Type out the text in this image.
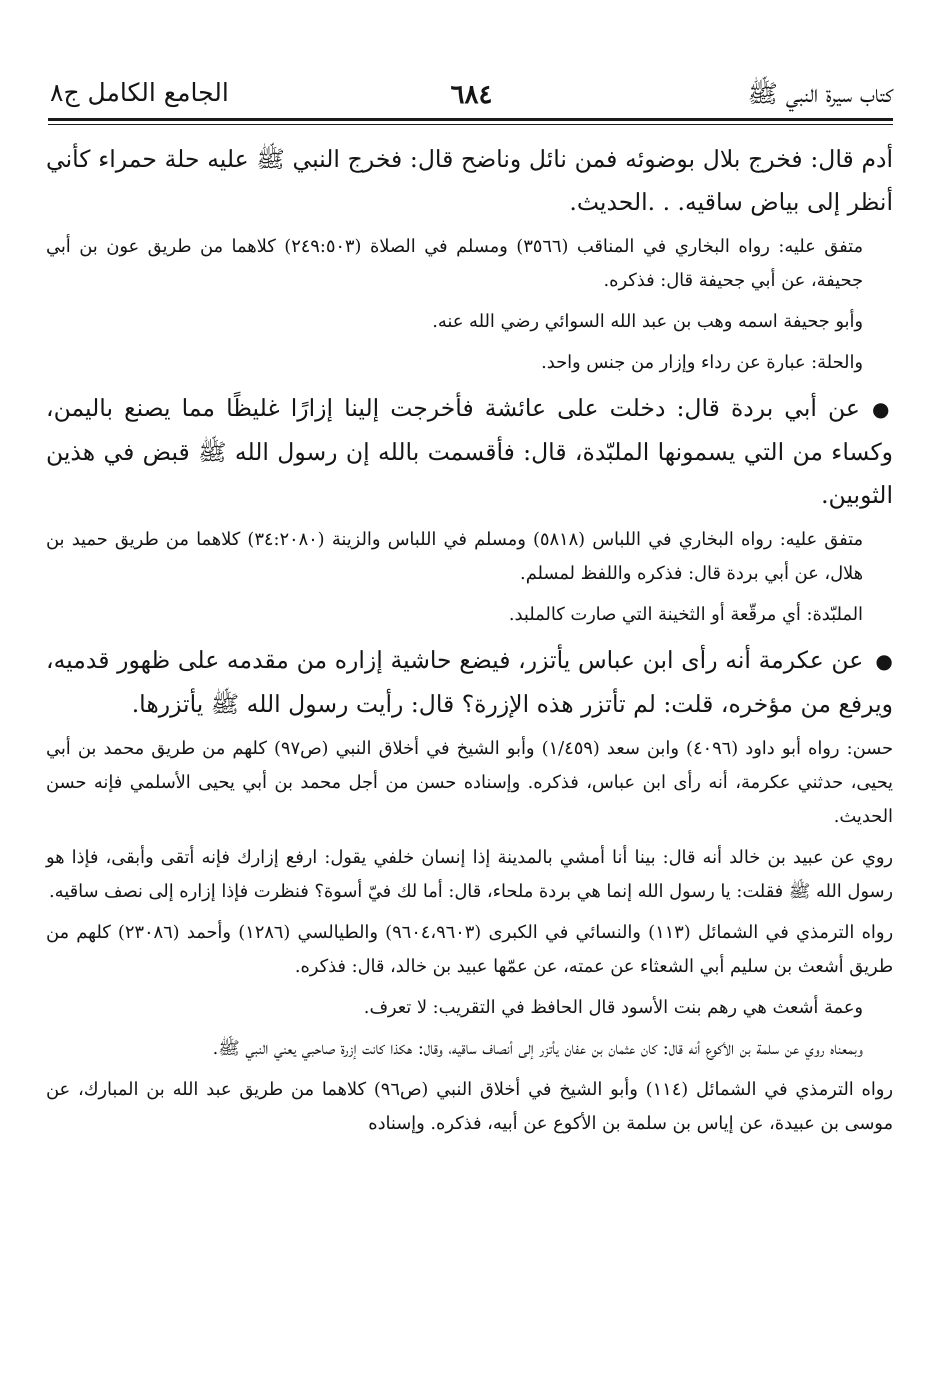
كتاب سيرة النبي ﷺ
٦٨٤
الجامع الكامل ج٨

أدم قال: فخرج بلال بوضوئه فمن نائل وناضح قال: فخرج النبي ﷺ عليه حلة حمراء كأني أنظر إلى بياض ساقيه. . .الحديث.

متفق عليه: رواه البخاري في المناقب (٣٥٦٦) ومسلم في الصلاة (٢٤٩:٥٠٣) كلاهما من طريق عون بن أبي جحيفة، عن أبي جحيفة قال: فذكره.

وأبو جحيفة اسمه وهب بن عبد الله السوائي رضي الله عنه.

والحلة: عبارة عن رداء وإزار من جنس واحد.

●عن أبي بردة قال: دخلت على عائشة فأخرجت إلينا إزارًا غليظًا مما يصنع باليمن، وكساء من التي يسمونها الملبّدة، قال: فأقسمت بالله إن رسول الله ﷺ قبض في هذين الثوبين.

متفق عليه: رواه البخاري في اللباس (٥٨١٨) ومسلم في اللباس والزينة (٣٤:٢٠٨٠) كلاهما من طريق حميد بن هلال، عن أبي بردة قال: فذكره واللفظ لمسلم.

الملبّدة: أي مرقّعة أو الثخينة التي صارت كالملبد.

●عن عكرمة أنه رأى ابن عباس يأتزر، فيضع حاشية إزاره من مقدمه على ظهور قدميه، ويرفع من مؤخره، قلت: لم تأتزر هذه الإزرة؟ قال: رأيت رسول الله ﷺ يأتزرها.

حسن: رواه أبو داود (٤٠٩٦) وابن سعد (١/٤٥٩) وأبو الشيخ في أخلاق النبي (ص٩٧) كلهم من طريق محمد بن أبي يحيى، حدثني عكرمة، أنه رأى ابن عباس، فذكره. وإسناده حسن من أجل محمد بن أبي يحيى الأسلمي فإنه حسن الحديث.

روي عن عبيد بن خالد أنه قال: بينا أنا أمشي بالمدينة إذا إنسان خلفي يقول: ارفع إزارك فإنه أتقى وأبقى، فإذا هو رسول الله ﷺ فقلت: يا رسول الله إنما هي بردة ملحاء، قال: أما لك فيّ أسوة؟ فنظرت فإذا إزاره إلى نصف ساقيه.

رواه الترمذي في الشمائل (١١٣) والنسائي في الكبرى (٩٦٠٤،٩٦٠٣) والطيالسي (١٢٨٦) وأحمد (٢٣٠٨٦) كلهم من طريق أشعث بن سليم أبي الشعثاء عن عمته، عن عمّها عبيد بن خالد، قال: فذكره.

وعمة أشعث هي رهم بنت الأسود قال الحافظ في التقريب: لا تعرف.

وبمعناه روي عن سلمة بن الأكوع أنه قال: كان عثمان بن عفان يأتزر إلى أنصاف ساقيه، وقال: هكذا كانت إزرة صاحبي يعني النبي ﷺ.

رواه الترمذي في الشمائل (١١٤) وأبو الشيخ في أخلاق النبي (ص٩٦) كلاهما من طريق عبد الله بن المبارك، عن موسى بن عبيدة، عن إياس بن سلمة بن الأكوع عن أبيه، فذكره. وإسناده
